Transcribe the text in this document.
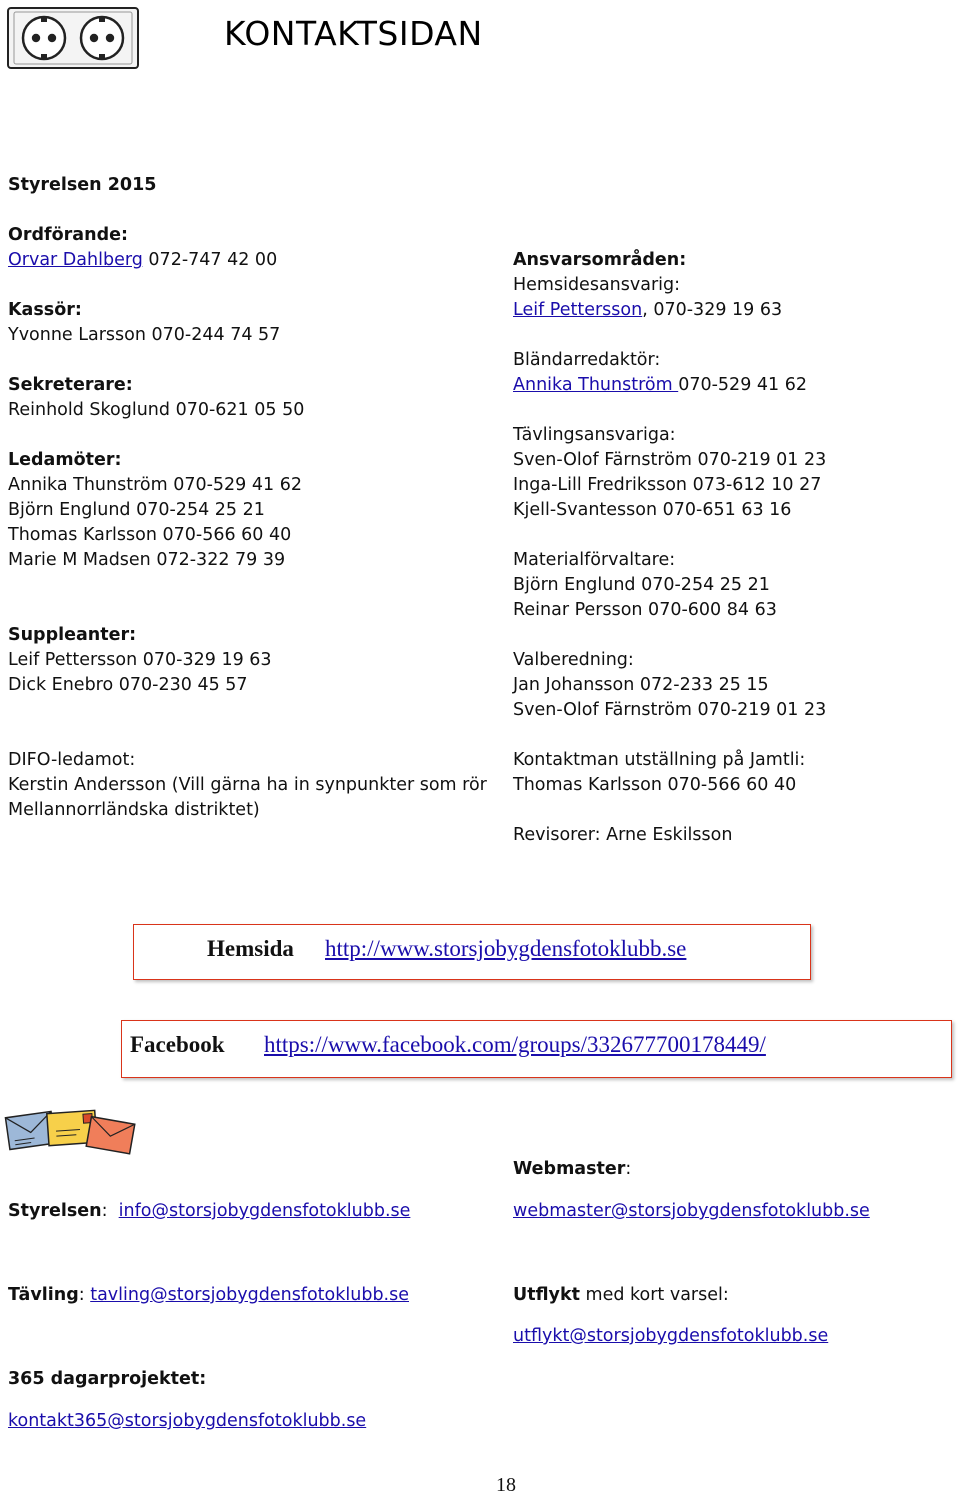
KONTAKTSIDAN
Styrelsen 2015
Ordförande:
Orvar Dahlberg 072-747 42 00
Kassör:
Yvonne Larsson 070-244 74 57
Sekreterare:
Reinhold Skoglund 070-621 05 50
Ledamöter:
Annika Thunström 070-529 41 62
Björn Englund 070-254 25 21
Thomas Karlsson 070-566 60 40
Marie M Madsen 072-322 79 39
Suppleanter:
Leif Pettersson 070-329 19 63
Dick Enebro 070-230 45 57
DIFO-ledamot:
Kerstin Andersson (Vill gärna ha in synpunkter som rör
Mellannorrländska distriktet)
Ansvarsområden:
Hemsidesansvarig:
Leif Pettersson, 070-329 19 63
Bländarredaktör:
Annika Thunström 070-529 41 62
Tävlingsansvariga:
Sven-Olof Färnström 070-219 01 23
Inga-Lill Fredriksson 073-612 10 27
Kjell-Svantesson 070-651 63 16
Materialförvaltare:
Björn Englund 070-254 25 21
Reinar Persson 070-600 84 63
Valberedning:
Jan Johansson 072-233 25 15
Sven-Olof Färnström 070-219 01 23
Kontaktman utställning på Jamtli:
Thomas Karlsson 070-566 60 40
Revisorer: Arne Eskilsson
Hemsida http://www.storsjobygdensfotoklubb.se
Facebook https://www.facebook.com/groups/332677700178449/
Webmaster:
webmaster@storsjobygdensfotoklubb.se
Styrelsen:  info@storsjobygdensfotoklubb.se
Tävling: tavling@storsjobygdensfotoklubb.se	Utflykt med kort varsel:
utflykt@storsjobygdensfotoklubb.se
365 dagarprojektet:
kontakt365@storsjobygdensfotoklubb.se
18
